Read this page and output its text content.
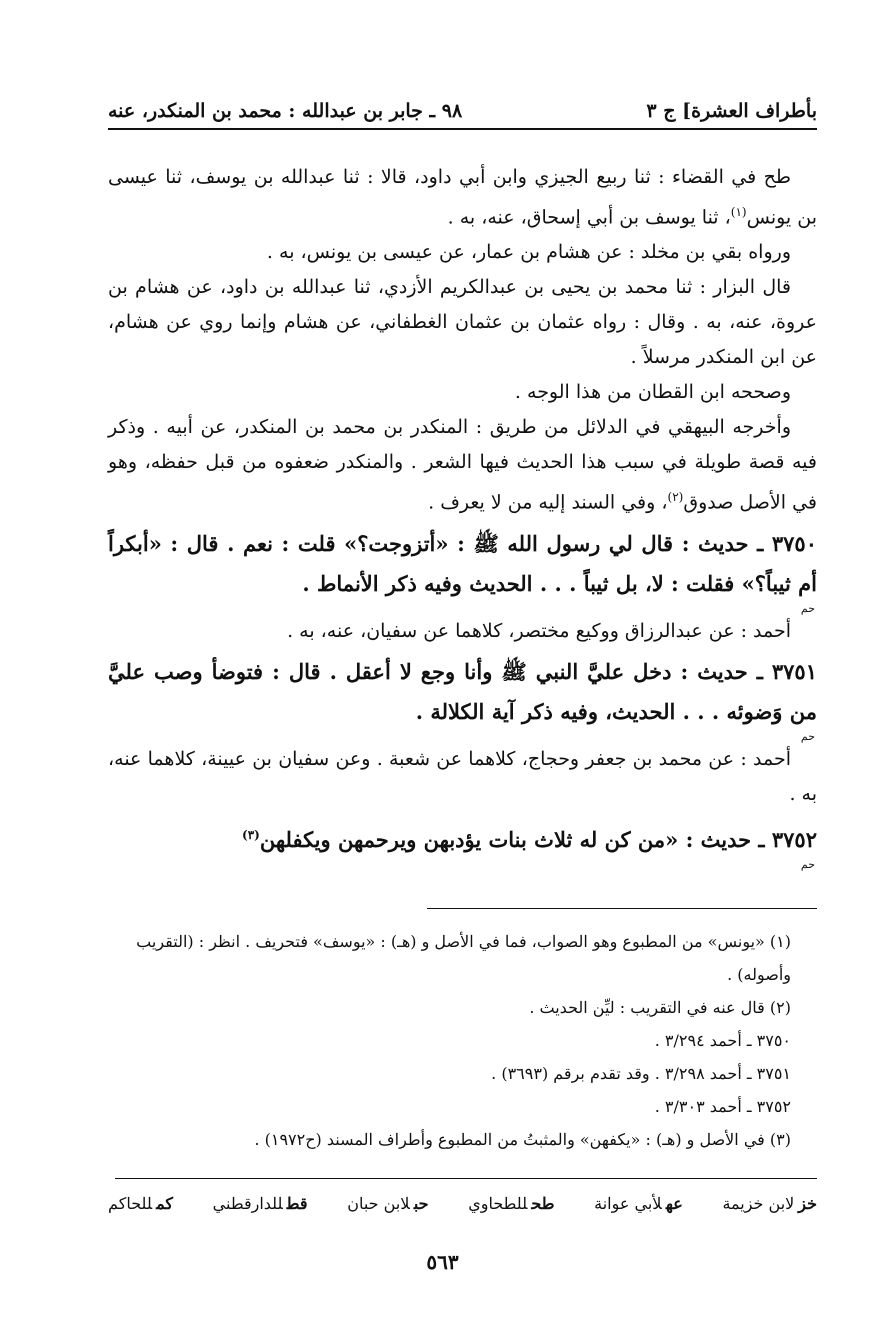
بأطراف العشرة] ج ٣
٩٨ ـ جابر بن عبدالله : محمد بن المنكدر، عنه

طح في القضاء : ثنا ربيع الجيزي وابن أبي داود، قالا : ثنا عبدالله بن يوسف، ثنا عيسى بن يونس$^{(١)}$، ثنا يوسف بن أبي إسحاق، عنه، به .

ورواه بقي بن مخلد : عن هشام بن عمار، عن عيسى بن يونس، به .

قال البزار : ثنا محمد بن يحيى بن عبدالكريم الأزدي، ثنا عبدالله بن داود، عن هشام بن عروة، عنه، به . وقال : رواه عثمان بن عثمان الغطفاني، عن هشام وإنما روي عن هشام، عن ابن المنكدر مرسلاً .

وصححه ابن القطان من هذا الوجه .

وأخرجه البيهقي في الدلائل من طريق : المنكدر بن محمد بن المنكدر، عن أبيه . وذكر فيه قصة طويلة في سبب هذا الحديث فيها الشعر . والمنكدر ضعفوه من قبل حفظه، وهو في الأصل صدوق$^{(٢)}$، وفي السند إليه من لا يعرف .

٣٧٥٠ ـ حديث : قال لي رسول الله ﷺ : «أتزوجت؟» قلت : نعم . قال : «أبكراً أم ثيباً؟» فقلت : لا، بل ثيباً . . . الحديث وفيه ذكر الأنماط .
حم

أحمد : عن عبدالرزاق ووكيع مختصر، كلاهما عن سفيان، عنه، به .

٣٧٥١ ـ حديث : دخل عليَّ النبي ﷺ وأنا وجع لا أعقل . قال : فتوضأ وصب عليَّ من وَضوئه . . . الحديث، وفيه ذكر آية الكلالة .
حم

أحمد : عن محمد بن جعفر وحجاج، كلاهما عن شعبة . وعن سفيان بن عيينة، كلاهما عنه، به .

٣٧٥٢ ـ حديث : «من كن له ثلاث بنات يؤدبهن ويرحمهن ويكفلهن$^{(٣)}$
حم
(١) «يونس» من المطبوع وهو الصواب، فما في الأصل و (هـ) : «يوسف» فتحريف . انظر : (التقريب وأصوله) .
(٢) قال عنه في التقريب : ليِّن الحديث .
٣٧٥٠ ـ أحمد ٣/٢٩٤ .
٣٧٥١ ـ أحمد ٣/٢٩٨ . وقد تقدم برقم (٣٦٩٣) .
٣٧٥٢ ـ أحمد ٣/٣٠٣ .
(٣) في الأصل و (هـ) : «يكفهن» والمثبتُ من المطبوع وأطراف المسند (ح١٩٧٢) .
خزلابن خزيمة
عهلأبي عوانة
طحللطحاوي
حبلابن حبان
قطللدارقطني
كمللحاكم
٥٦٣
